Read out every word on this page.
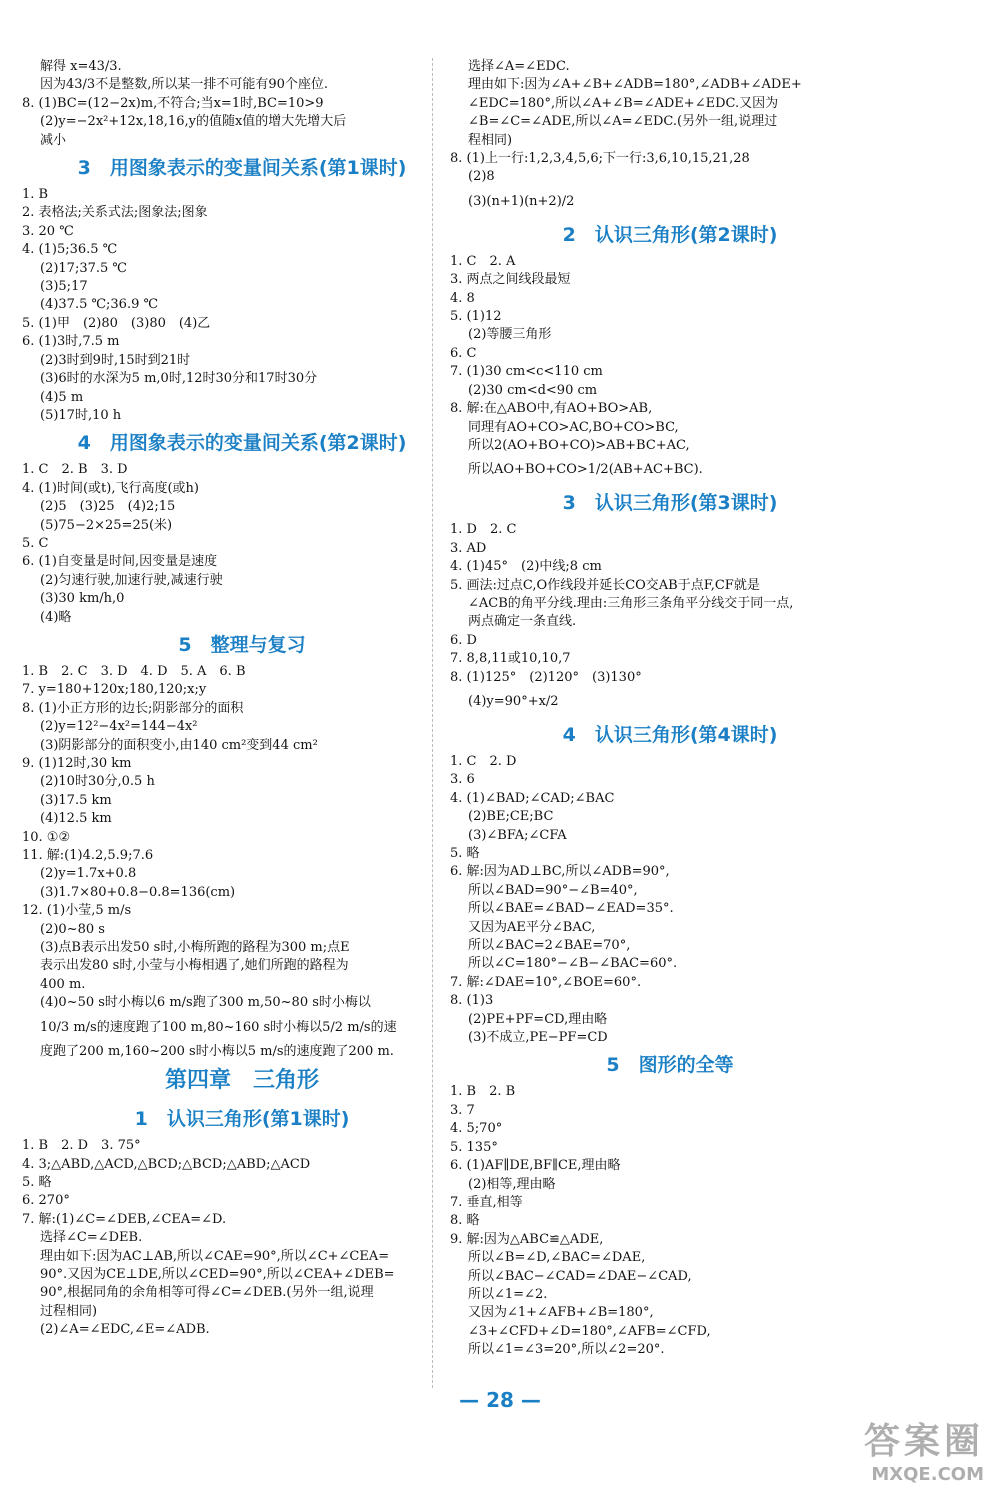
解得 x=43/3.
因为43/3不是整数,所以某一排不可能有90个座位.
8. (1)BC=(12−2x)m,不符合;当x=1时,BC=10>9
(2)y=−2x²+12x,18,16,y的值随x值的增大先增大后
减小
3　用图象表示的变量间关系(第1课时)
1. B
2. 表格法;关系式法;图象法;图象
3. 20 ℃
4. (1)5;36.5 ℃
(2)17;37.5 ℃
(3)5;17
(4)37.5 ℃;36.9 ℃
5. (1)甲　(2)80　(3)80　(4)乙
6. (1)3时,7.5 m
(2)3时到9时,15时到21时
(3)6时的水深为5 m,0时,12时30分和17时30分
(4)5 m
(5)17时,10 h
4　用图象表示的变量间关系(第2课时)
1. C　2. B　3. D
4. (1)时间(或t),飞行高度(或h)
(2)5　(3)25　(4)2;15
(5)75−2×25=25(米)
5. C
6. (1)自变量是时间,因变量是速度
(2)匀速行驶,加速行驶,减速行驶
(3)30 km/h,0
(4)略
5　整理与复习
1. B　2. C　3. D　4. D　5. A　6. B
7. y=180+120x;180,120;x;y
8. (1)小正方形的边长;阴影部分的面积
(2)y=12²−4x²=144−4x²
(3)阴影部分的面积变小,由140 cm²变到44 cm²
9. (1)12时,30 km
(2)10时30分,0.5 h
(3)17.5 km
(4)12.5 km
10. ①②
11. 解:(1)4.2,5.9;7.6
(2)y=1.7x+0.8
(3)1.7×80+0.8−0.8=136(cm)
12. (1)小莹,5 m/s
(2)0~80 s
(3)点B表示出发50 s时,小梅所跑的路程为300 m;点E
表示出发80 s时,小莹与小梅相遇了,她们所跑的路程为
400 m.
(4)0~50 s时小梅以6 m/s跑了300 m,50~80 s时小梅以
10/3 m/s的速度跑了100 m,80~160 s时小梅以5/2 m/s的速
度跑了200 m,160~200 s时小梅以5 m/s的速度跑了200 m.
第四章　三角形
1　认识三角形(第1课时)
1. B　2. D　3. 75°
4. 3;△ABD,△ACD,△BCD;△BCD;△ABD;△ACD
5. 略
6. 270°
7. 解:(1)∠C=∠DEB,∠CEA=∠D.
选择∠C=∠DEB.
理由如下:因为AC⊥AB,所以∠CAE=90°,所以∠C+∠CEA=
90°.又因为CE⊥DE,所以∠CED=90°,所以∠CEA+∠DEB=
90°,根据同角的余角相等可得∠C=∠DEB.(另外一组,说理
过程相同)
(2)∠A=∠EDC,∠E=∠ADB.
选择∠A=∠EDC.
理由如下:因为∠A+∠B+∠ADB=180°,∠ADB+∠ADE+
∠EDC=180°,所以∠A+∠B=∠ADE+∠EDC.又因为
∠B=∠C=∠ADE,所以∠A=∠EDC.(另外一组,说理过
程相同)
8. (1)上一行:1,2,3,4,5,6;下一行:3,6,10,15,21,28
(2)8
(3)(n+1)(n+2)/2
2　认识三角形(第2课时)
1. C　2. A
3. 两点之间线段最短
4. 8
5. (1)12
(2)等腰三角形
6. C
7. (1)30 cm<c<110 cm
(2)30 cm<d<90 cm
8. 解:在△ABO中,有AO+BO>AB,
同理有AO+CO>AC,BO+CO>BC,
所以2(AO+BO+CO)>AB+BC+AC,
所以AO+BO+CO>1/2(AB+AC+BC).
3　认识三角形(第3课时)
1. D　2. C
3. AD
4. (1)45°　(2)中线;8 cm
5. 画法:过点C,O作线段并延长CO交AB于点F,CF就是
∠ACB的角平分线.理由:三角形三条角平分线交于同一点,
两点确定一条直线.
6. D
7. 8,8,11或10,10,7
8. (1)125°　(2)120°　(3)130°
(4)y=90°+x/2
4　认识三角形(第4课时)
1. C　2. D
3. 6
4. (1)∠BAD;∠CAD;∠BAC
(2)BE;CE;BC
(3)∠BFA;∠CFA
5. 略
6. 解:因为AD⊥BC,所以∠ADB=90°,
所以∠BAD=90°−∠B=40°,
所以∠BAE=∠BAD−∠EAD=35°.
又因为AE平分∠BAC,
所以∠BAC=2∠BAE=70°,
所以∠C=180°−∠B−∠BAC=60°.
7. 解:∠DAE=10°,∠BOE=60°.
8. (1)3
(2)PE+PF=CD,理由略
(3)不成立,PE−PF=CD
5　图形的全等
1. B　2. B
3. 7
4. 5;70°
5. 135°
6. (1)AF∥DE,BF∥CE,理由略
(2)相等,理由略
7. 垂直,相等
8. 略
9. 解:因为△ABC≌△ADE,
所以∠B=∠D,∠BAC=∠DAE,
所以∠BAC−∠CAD=∠DAE−∠CAD,
所以∠1=∠2.
又因为∠1+∠AFB+∠B=180°,
∠3+∠CFD+∠D=180°,∠AFB=∠CFD,
所以∠1=∠3=20°,所以∠2=20°.
— 28 —
答案圈
MXQE.COM
